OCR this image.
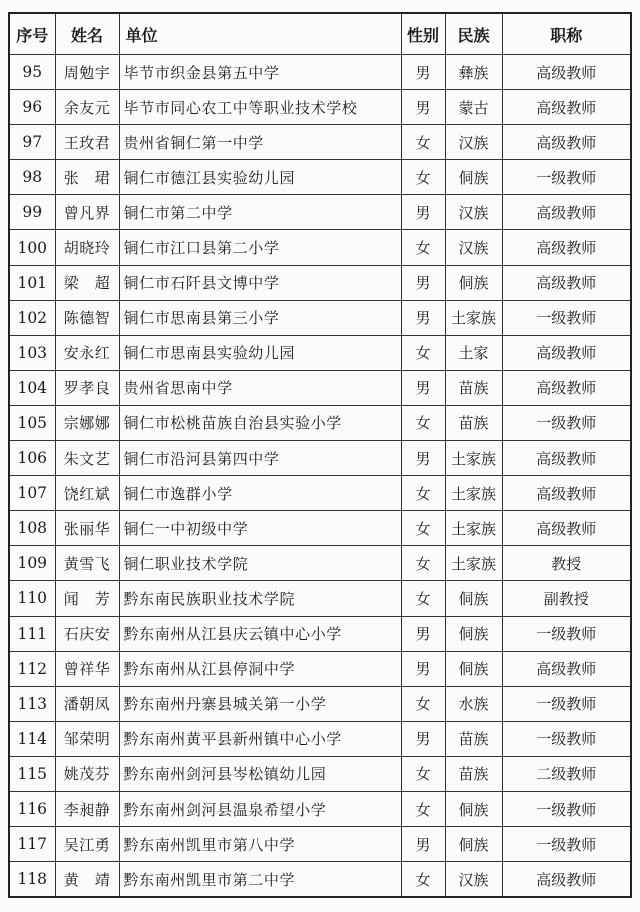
序号	姓名	单位	性别	民族	职称
95	周勉宇	毕节市织金县第五中学	男	彝族	高级教师
96	余友元	毕节市同心农工中等职业技术学校	男	蒙古	高级教师
97	王玫君	贵州省铜仁第一中学	女	汉族	高级教师
98	张　珺	铜仁市德江县实验幼儿园	女	侗族	一级教师
99	曾凡界	铜仁市第二中学	男	汉族	高级教师
100	胡晓玲	铜仁市江口县第二小学	女	汉族	高级教师
101	梁　超	铜仁市石阡县文博中学	男	侗族	高级教师
102	陈德智	铜仁市思南县第三小学	男	土家族	一级教师
103	安永红	铜仁市思南县实验幼儿园	女	土家	高级教师
104	罗孝良	贵州省思南中学	男	苗族	高级教师
105	宗娜娜	铜仁市松桃苗族自治县实验小学	女	苗族	一级教师
106	朱文艺	铜仁市沿河县第四中学	男	土家族	高级教师
107	饶红斌	铜仁市逸群小学	女	土家族	高级教师
108	张丽华	铜仁一中初级中学	女	土家族	高级教师
109	黄雪飞	铜仁职业技术学院	女	土家族	教授
110	闻　芳	黔东南民族职业技术学院	女	侗族	副教授
111	石庆安	黔东南州从江县庆云镇中心小学	男	侗族	一级教师
112	曾祥华	黔东南州从江县停洞中学	男	侗族	高级教师
113	潘朝凤	黔东南州丹寨县城关第一小学	女	水族	一级教师
114	邹荣明	黔东南州黄平县新州镇中心小学	男	苗族	一级教师
115	姚茂芬	黔东南州剑河县岑松镇幼儿园	女	苗族	二级教师
116	李昶静	黔东南州剑河县温泉希望小学	女	侗族	一级教师
117	吴江勇	黔东南州凯里市第八中学	男	侗族	一级教师
118	黄　靖	黔东南州凯里市第二中学	女	汉族	高级教师
